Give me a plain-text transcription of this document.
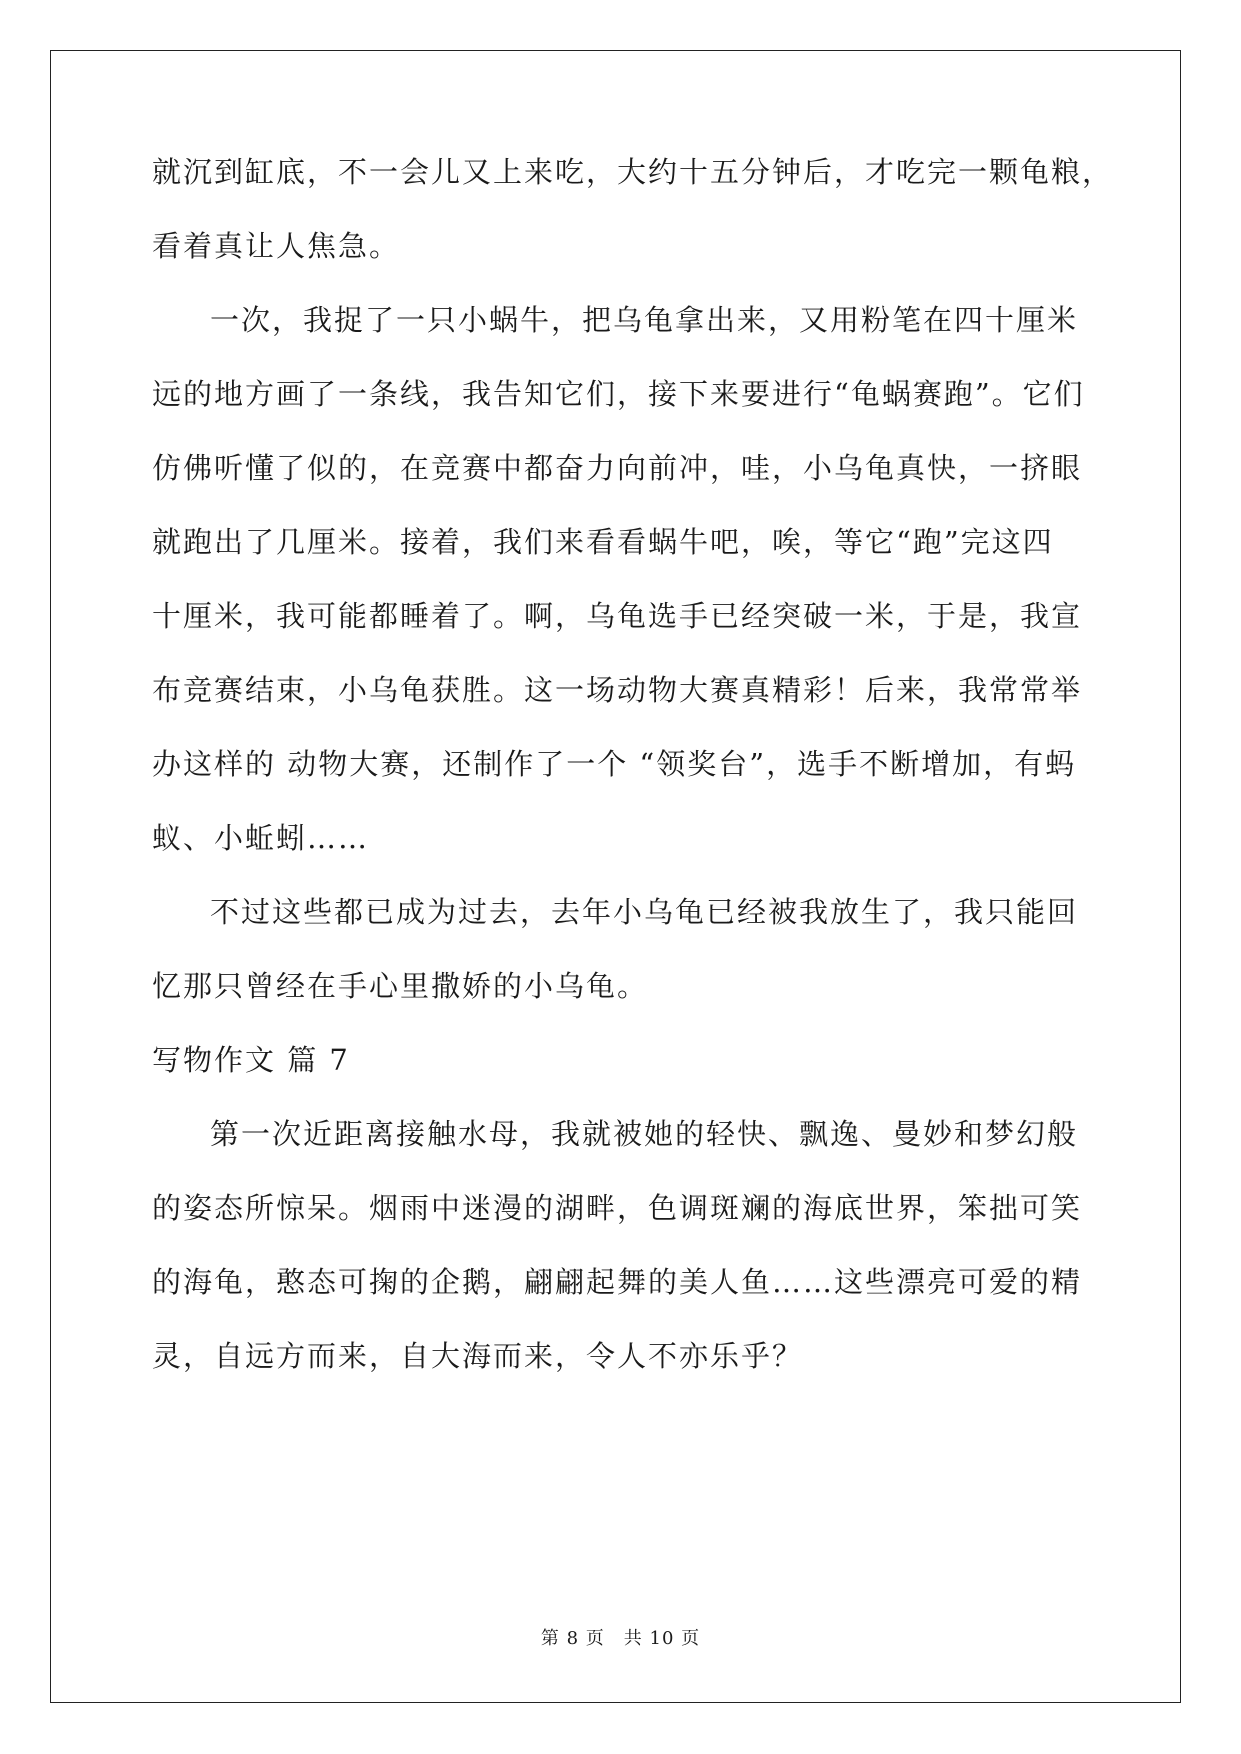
就沉到缸底，不一会儿又上来吃，大约十五分钟后，才吃完一颗龟粮，
看着真让人焦急。
一次，我捉了一只小蜗牛，把乌龟拿出来，又用粉笔在四十厘米
远的地方画了一条线，我告知它们，接下来要进行“龟蜗赛跑”。它们
仿佛听懂了似的，在竞赛中都奋力向前冲，哇，小乌龟真快，一挤眼
就跑出了几厘米。接着，我们来看看蜗牛吧，唉，等它“跑”完这四
十厘米，我可能都睡着了。啊，乌龟选手已经突破一米，于是，我宣
布竞赛结束，小乌龟获胜。这一场动物大赛真精彩！后来，我常常举
办这样的 动物大赛，还制作了一个 “领奖台”，选手不断增加，有蚂
蚁、小蚯蚓……
不过这些都已成为过去，去年小乌龟已经被我放生了，我只能回
忆那只曾经在手心里撒娇的小乌龟。
写物作文 篇 7
第一次近距离接触水母，我就被她的轻快、飘逸、曼妙和梦幻般
的姿态所惊呆。烟雨中迷漫的湖畔，色调斑斓的海底世界，笨拙可笑
的海龟，憨态可掬的企鹅，翩翩起舞的美人鱼……这些漂亮可爱的精
灵，自远方而来，自大海而来，令人不亦乐乎？
第 8 页　共 10 页
